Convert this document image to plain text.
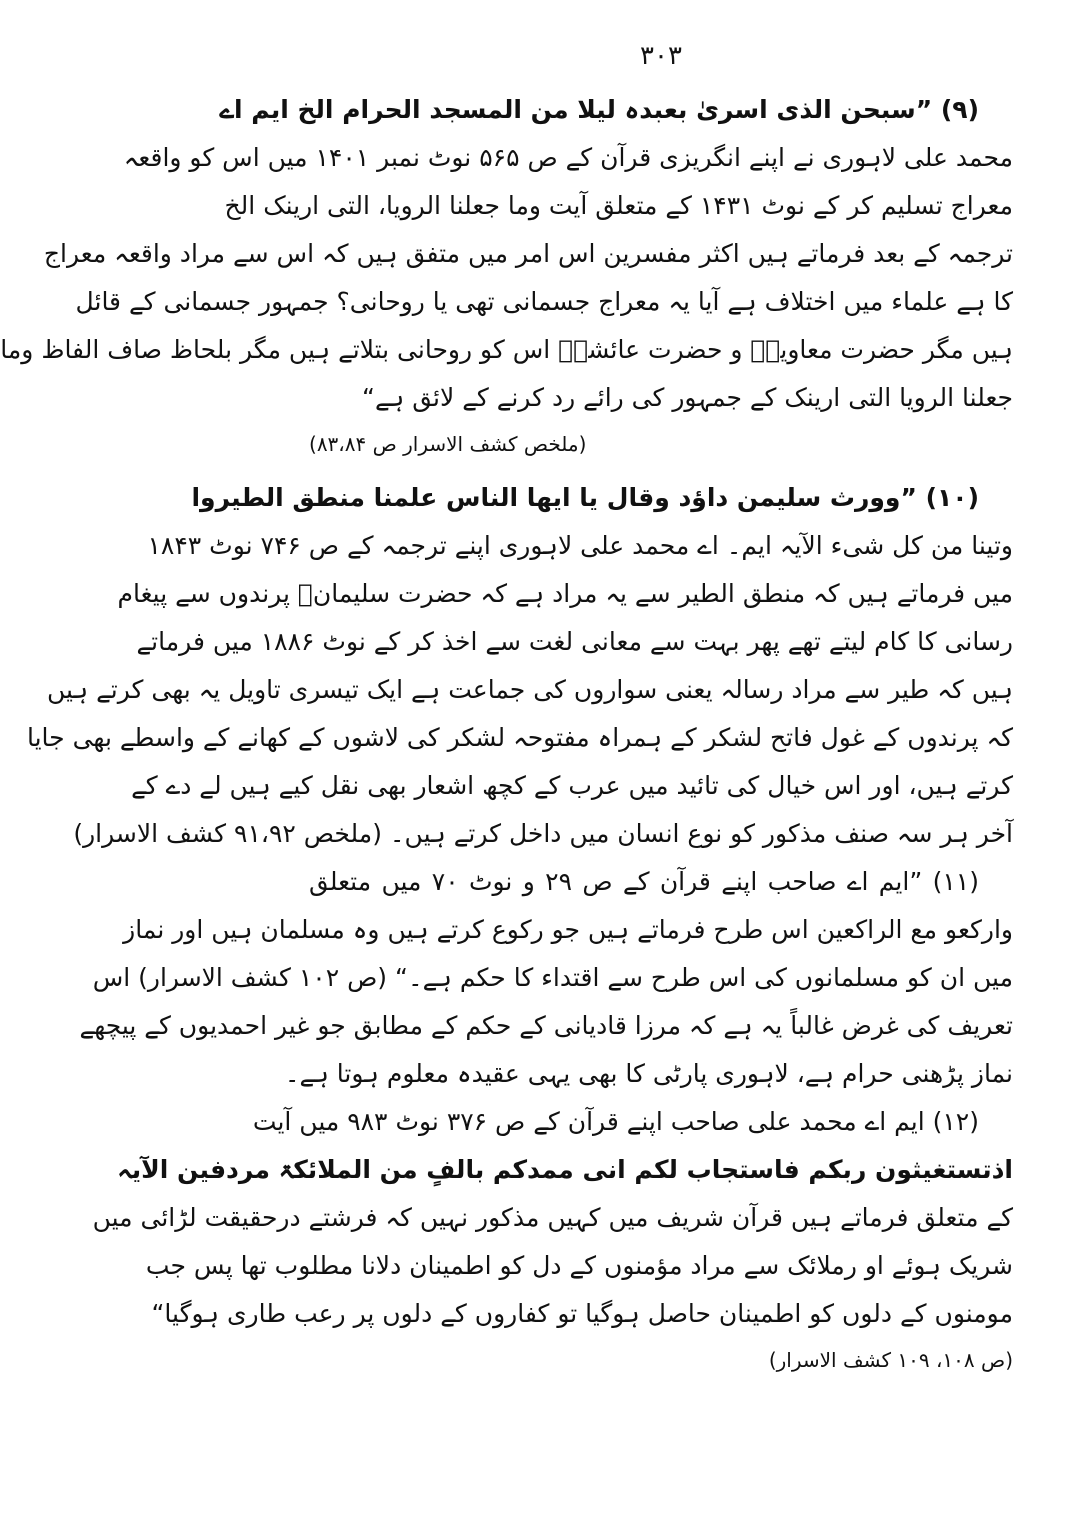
۳۰۳
(۹) ”سبحن الذی اسریٰ بعبدہ لیلا من المسجد الحرام الخ ایم اے
محمد علی لاہوری نے اپنے انگریزی قرآن کے ص ۵۶۵ نوٹ نمبر ۱۴۰۱ میں اس کو واقعہ
معراج تسلیم کر کے نوٹ ۱۴۳۱ کے متعلق آیت وما جعلنا الرویا، التی ارینک الخ
ترجمہ کے بعد فرماتے ہیں اکثر مفسرین اس امر میں متفق ہیں کہ اس سے مراد واقعہ معراج
کا ہے علماء میں اختلاف ہے آیا یہ معراج جسمانی تھی یا روحانی؟ جمہور جسمانی کے قائل
ہیں مگر حضرت معاویہؓ و حضرت عائشہؓ اس کو روحانی بتلاتے ہیں مگر بلحاظ صاف الفاظ وما
جعلنا الرویا التی ارینک کے جمہور کی رائے رد کرنے کے لائق ہے“
(ملخص کشف الاسرار ص ۸۳،۸۴)
(۱۰) ”وورث سلیمن داؤد وقال یا ایھا الناس علمنا منطق الطیروا
وتینا من کل شیء الآیہ ایم۔ اے محمد علی لاہوری اپنے ترجمہ کے ص ۷۴۶ نوٹ ۱۸۴۳
میں فرماتے ہیں کہ منطق الطیر سے یہ مراد ہے کہ حضرت سلیمانؑ پرندوں سے پیغام
رسانی کا کام لیتے تھے پھر بہت سے معانی لغت سے اخذ کر کے نوٹ ۱۸۸۶ میں فرماتے
ہیں کہ طیر سے مراد رسالہ یعنی سواروں کی جماعت ہے ایک تیسری تاویل یہ بھی کرتے ہیں
کہ پرندوں کے غول فاتح لشکر کے ہمراہ مفتوحہ لشکر کی لاشوں کے کھانے کے واسطے بھی جایا
کرتے ہیں، اور اس خیال کی تائید میں عرب کے کچھ اشعار بھی نقل کیے ہیں لے دے کے
آخر ہر سہ صنف مذکور کو نوع انسان میں داخل کرتے ہیں۔ (ملخص ۹۱،۹۲ کشف الاسرار)
(۱۱) ”ایم اے صاحب اپنے قرآن کے ص ۲۹ و نوٹ ۷۰ میں متعلق
وارکعو مع الراکعین اس طرح فرماتے ہیں جو رکوع کرتے ہیں وہ مسلمان ہیں اور نماز
میں ان کو مسلمانوں کی اس طرح سے اقتداء کا حکم ہے۔“ (ص ۱۰۲ کشف الاسرار) اس
تعریف کی غرض غالباً یہ ہے کہ مرزا قادیانی کے حکم کے مطابق جو غیر احمدیوں کے پیچھے
نماز پڑھنی حرام ہے، لاہوری پارٹی کا بھی یہی عقیدہ معلوم ہوتا ہے۔
(۱۲) ایم اے محمد علی صاحب اپنے قرآن کے ص ۳۷۶ نوٹ ۹۸۳ میں آیت
اذتستغیثون ربکم فاستجاب لکم انی ممدکم بالفٍ من الملائکۃ مردفین الآیہ
کے متعلق فرماتے ہیں قرآن شریف میں کہیں مذکور نہیں کہ فرشتے درحقیقت لڑائی میں
شریک ہوئے او رملائک سے مراد مؤمنوں کے دل کو اطمینان دلانا مطلوب تھا پس جب
مومنوں کے دلوں کو اطمینان حاصل ہوگیا تو کفاروں کے دلوں پر رعب طاری ہوگیا“
(ص ۱۰۸، ۱۰۹ کشف الاسرار)
